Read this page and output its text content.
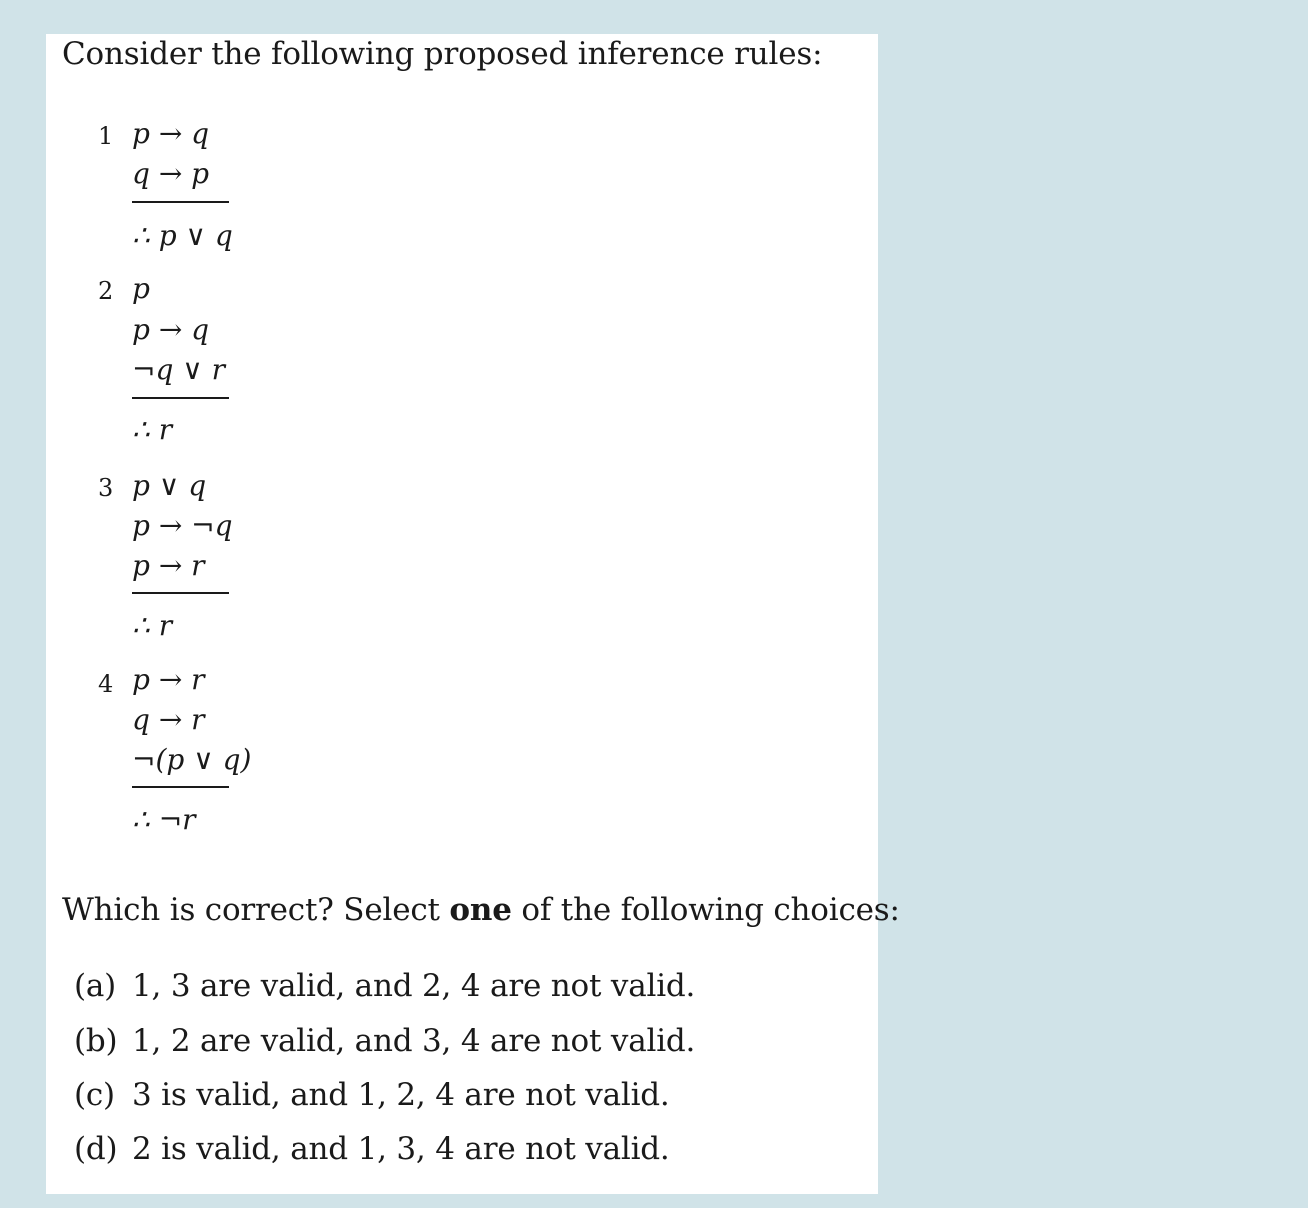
Consider the following proposed inference rules:
1 p → q
q → p
∴ p ∨ q
2 p
p → q
¬q ∨ r
∴ r
3 p ∨ q
p → ¬q
p → r
∴ r
4 p → r
q → r
¬(p ∨ q)
∴ ¬r
Which is correct? Select one of the following choices:
(a) 1, 3 are valid, and 2, 4 are not valid.
(b) 1, 2 are valid, and 3, 4 are not valid.
(c) 3 is valid, and 1, 2, 4 are not valid.
(d) 2 is valid, and 1, 3, 4 are not valid.
